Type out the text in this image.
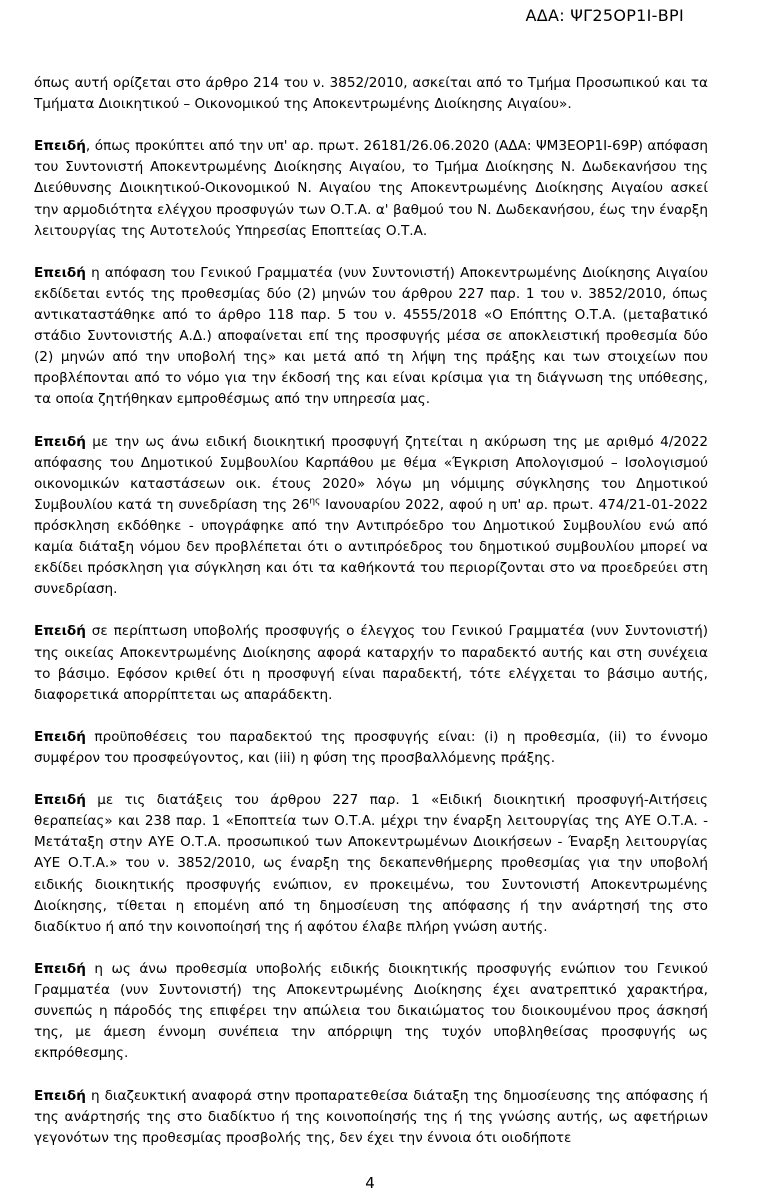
ΑΔΑ: ΨΓ25ΟΡ1Ι-ΒΡΙ

όπως αυτή ορίζεται στο άρθρο 214 του ν. 3852/2010, ασκείται από το Τμήμα Προσωπικού και τα Τμήματα Διοικητικού – Οικονομικού της Αποκεντρωμένης Διοίκησης Αιγαίου».

Επειδή, όπως προκύπτει από την υπ' αρ. πρωτ. 26181/26.06.2020 (ΑΔΑ: ΨΜ3ΕΟΡ1Ι-69Ρ) απόφαση του Συντονιστή Αποκεντρωμένης Διοίκησης Αιγαίου, το Τμήμα Διοίκησης Ν. Δωδεκανήσου της Διεύθυνσης Διοικητικού-Οικονομικού Ν. Αιγαίου της Αποκεντρωμένης Διοίκησης Αιγαίου ασκεί την αρμοδιότητα ελέγχου προσφυγών των Ο.Τ.Α. α' βαθμού του Ν. Δωδεκανήσου, έως την έναρξη λειτουργίας της Αυτοτελούς Υπηρεσίας Εποπτείας Ο.Τ.Α.

Επειδή η απόφαση του Γενικού Γραμματέα (νυν Συντονιστή) Αποκεντρωμένης Διοίκησης Αιγαίου εκδίδεται εντός της προθεσμίας δύο (2) μηνών του άρθρου 227 παρ. 1 του ν. 3852/2010, όπως αντικαταστάθηκε από το άρθρο 118 παρ. 5 του ν. 4555/2018 «Ο Επόπτης Ο.Τ.Α. (μεταβατικό στάδιο Συντονιστής Α.Δ.) αποφαίνεται επί της προσφυγής μέσα σε αποκλειστική προθεσμία δύο (2) μηνών από την υποβολή της» και μετά από τη λήψη της πράξης και των στοιχείων που προβλέπονται από το νόμο για την έκδοσή της και είναι κρίσιμα για τη διάγνωση της υπόθεσης, τα οποία ζητήθηκαν εμπροθέσμως από την υπηρεσία μας.

Επειδή με την ως άνω ειδική διοικητική προσφυγή ζητείται η ακύρωση της με αριθμό 4/2022 απόφασης του Δημοτικού Συμβουλίου Καρπάθου με θέμα «Έγκριση Απολογισμού – Ισολογισμού οικονομικών καταστάσεων οικ. έτους 2020» λόγω μη νόμιμης σύγκλησης του Δημοτικού Συμβουλίου κατά τη συνεδρίαση της $26^{\eta\varsigma}$ Ιανουαρίου 2022, αφού η υπ' αρ. πρωτ. 474/21-01-2022 πρόσκληση εκδόθηκε - υπογράφηκε από την Αντιπρόεδρο του Δημοτικού Συμβουλίου ενώ από καμία διάταξη νόμου δεν προβλέπεται ότι ο αντιπρόεδρος του δημοτικού συμβουλίου μπορεί να εκδίδει πρόσκληση για σύγκληση και ότι τα καθήκοντά του περιορίζονται στο να προεδρεύει στη συνεδρίαση.

Επειδή σε περίπτωση υποβολής προσφυγής ο έλεγχος του Γενικού Γραμματέα (νυν Συντονιστή) της οικείας Αποκεντρωμένης Διοίκησης αφορά καταρχήν το παραδεκτό αυτής και στη συνέχεια το βάσιμο. Εφόσον κριθεί ότι η προσφυγή είναι παραδεκτή, τότε ελέγχεται το βάσιμο αυτής, διαφορετικά απορρίπτεται ως απαράδεκτη.

Επειδή προϋποθέσεις του παραδεκτού της προσφυγής είναι: (i) η προθεσμία, (ii) το έννομο συμφέρον του προσφεύγοντος, και (iii) η φύση της προσβαλλόμενης πράξης.

Επειδή με τις διατάξεις του άρθρου 227 παρ. 1 «Ειδική διοικητική προσφυγή-Αιτήσεις θεραπείας» και 238 παρ. 1 «Εποπτεία των Ο.Τ.Α. μέχρι την έναρξη λειτουργίας της ΑΥΕ Ο.Τ.Α. - Μετάταξη στην ΑΥΕ Ο.Τ.Α. προσωπικού των Αποκεντρωμένων Διοικήσεων - Έναρξη λειτουργίας ΑΥΕ Ο.Τ.Α.» του ν. 3852/2010, ως έναρξη της δεκαπενθήμερης προθεσμίας για την υποβολή ειδικής διοικητικής προσφυγής ενώπιον, εν προκειμένω, του Συντονιστή Αποκεντρωμένης Διοίκησης, τίθεται η επομένη από τη δημοσίευση της απόφασης ή την ανάρτησή της στο διαδίκτυο ή από την κοινοποίησή της ή αφότου έλαβε πλήρη γνώση αυτής.

Επειδή η ως άνω προθεσμία υποβολής ειδικής διοικητικής προσφυγής ενώπιον του Γενικού Γραμματέα (νυν Συντονιστή) της Αποκεντρωμένης Διοίκησης έχει ανατρεπτικό χαρακτήρα, συνεπώς η πάροδός της επιφέρει την απώλεια του δικαιώματος του διοικουμένου προς άσκησή της, με άμεση έννομη συνέπεια την απόρριψη της τυχόν υποβληθείσας προσφυγής ως εκπρόθεσμης.

Επειδή η διαζευκτική αναφορά στην προπαρατεθείσα διάταξη της δημοσίευσης της απόφασης ή της ανάρτησής της στο διαδίκτυο ή της κοινοποίησής της ή της γνώσης αυτής, ως αφετήριων γεγονότων της προθεσμίας προσβολής της, δεν έχει την έννοια ότι οιοδήποτε

4
